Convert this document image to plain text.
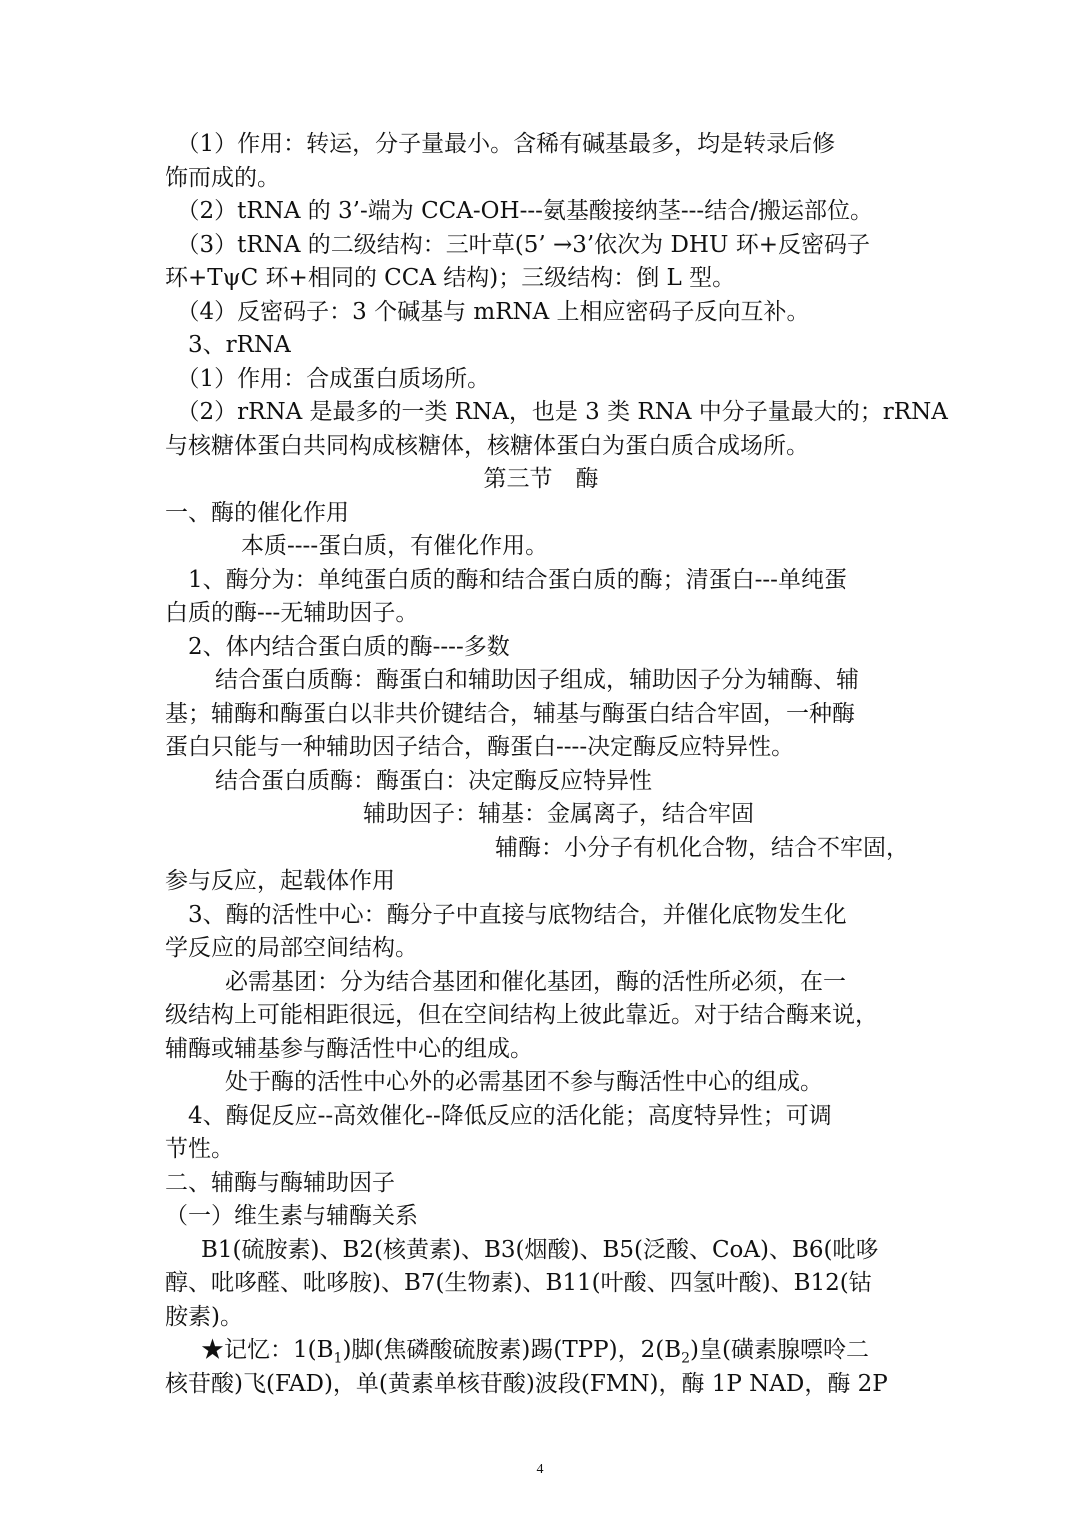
　（1）作用：转运，分子量最小。含稀有碱基最多，均是转录后修
饰而成的。
　（2）tRNA 的 3’-端为 CCA-OH---氨基酸接纳茎---结合/搬运部位。
　（3）tRNA 的二级结构：三叶草(5’ →3’依次为 DHU 环+反密码子
环+TψC 环+相同的 CCA 结构)；三级结构：倒 L 型。
　（4）反密码子：3 个碱基与 mRNA 上相应密码子反向互补。
　3、rRNA
　（1）作用：合成蛋白质场所。
　（2）rRNA 是最多的一类 RNA，也是 3 类 RNA 中分子量最大的；rRNA
与核糖体蛋白共同构成核糖体，核糖体蛋白为蛋白质合成场所。
第三节　酶
一、酶的催化作用
本质----蛋白质，有催化作用。
　1、酶分为：单纯蛋白质的酶和结合蛋白质的酶；清蛋白---单纯蛋
白质的酶---无辅助因子。
　2、体内结合蛋白质的酶----多数
结合蛋白质酶：酶蛋白和辅助因子组成，辅助因子分为辅酶、辅
基；辅酶和酶蛋白以非共价键结合，辅基与酶蛋白结合牢固，一种酶
蛋白只能与一种辅助因子结合，酶蛋白----决定酶反应特异性。
结合蛋白质酶：酶蛋白：决定酶反应特异性
辅助因子：辅基：金属离子，结合牢固
辅酶：小分子有机化合物，结合不牢固，
参与反应，起载体作用
　3、酶的活性中心：酶分子中直接与底物结合，并催化底物发生化
学反应的局部空间结构。
必需基团：分为结合基团和催化基团，酶的活性所必须，在一
级结构上可能相距很远，但在空间结构上彼此靠近。对于结合酶来说，
辅酶或辅基参与酶活性中心的组成。
处于酶的活性中心外的必需基团不参与酶活性中心的组成。
　4、酶促反应--高效催化--降低反应的活化能；高度特异性；可调
节性。
二、辅酶与酶辅助因子
（一）维生素与辅酶关系
B1(硫胺素)、B2(核黄素)、B3(烟酸)、B5(泛酸、CoA)、B6(吡哆
醇、吡哆醛、吡哆胺)、B7(生物素)、B11(叶酸、四氢叶酸)、B12(钴
胺素)。
★记忆：$1(B_1)$脚(焦磷酸硫胺素)踢(TPP)，$2(B_2)$皇(磺素腺嘌呤二
核苷酸)飞(FAD)，单(黄素单核苷酸)波段(FMN)，酶 1P NAD，酶 2P
4
